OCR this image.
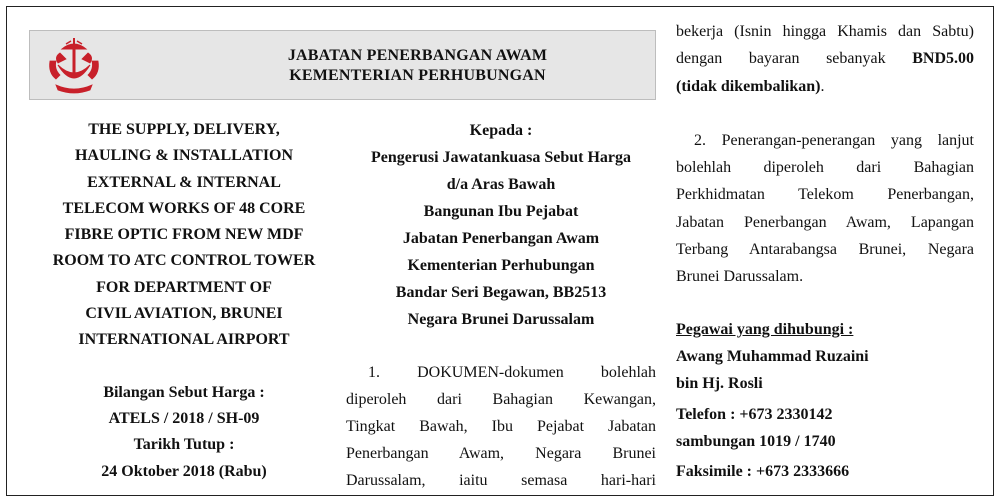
JABATAN PENERBANGAN AWAM
KEMENTERIAN PERHUBUNGAN
THE SUPPLY, DELIVERY,
HAULING & INSTALLATION
EXTERNAL & INTERNAL
TELECOM WORKS OF 48 CORE
FIBRE OPTIC FROM NEW MDF
ROOM TO ATC CONTROL TOWER
FOR DEPARTMENT OF
CIVIL AVIATION, BRUNEI
INTERNATIONAL AIRPORT
Bilangan Sebut Harga :
ATELS / 2018 / SH-09
Tarikh Tutup :
24 Oktober 2018 (Rabu)
Kepada :
Pengerusi Jawatankuasa Sebut Harga
d/a Aras Bawah
Bangunan Ibu Pejabat
Jabatan Penerbangan Awam
Kementerian Perhubungan
Bandar Seri Begawan, BB2513
Negara Brunei Darussalam
1. DOKUMEN-dokumen bolehlah
diperoleh dari Bahagian Kewangan,
Tingkat Bawah, Ibu Pejabat Jabatan
Penerbangan Awam, Negara Brunei
Darussalam, iaitu semasa hari-hari
bekerja (Isnin hingga Khamis dan Sabtu)
dengan bayaran sebanyak BND5.00
(tidak dikembalikan).
2. Penerangan-penerangan yang lanjut
bolehlah diperoleh dari Bahagian
Perkhidmatan Telekom Penerbangan,
Jabatan Penerbangan Awam, Lapangan
Terbang Antarabangsa Brunei, Negara
Brunei Darussalam.
Pegawai yang dihubungi :
Awang Muhammad Ruzaini
bin Hj. Rosli
Telefon : +673 2330142
sambungan 1019 / 1740
Faksimile : +673 2333666
